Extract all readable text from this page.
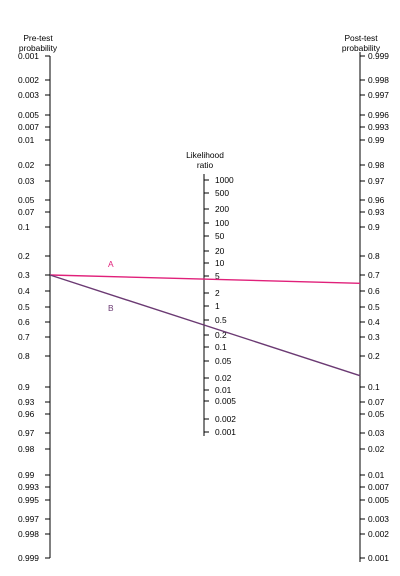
0.001
0.002
0.003
0.005
0.007
0.01
0.02
0.03
0.05
0.07
0.1
0.2
0.3
0.4
0.5
0.6
0.7
0.8
0.9
0.93
0.96
0.97
0.98
0.99
0.993
0.995
0.997
0.998
0.999
Pre-test
probability
1000
500
200
100
50
20
10
5
2
1
0.5
0.2
0.1
0.05
0.02
0.01
0.005
0.002
0.001
Likelihood
ratio
0.999
0.998
0.997
0.996
0.993
0.99
0.98
0.97
0.96
0.93
0.9
0.8
0.7
0.6
0.5
0.4
0.3
0.2
0.1
0.07
0.05
0.03
0.02
0.01
0.007
0.005
0.003
0.002
0.001
Post-test
probability
A
B
